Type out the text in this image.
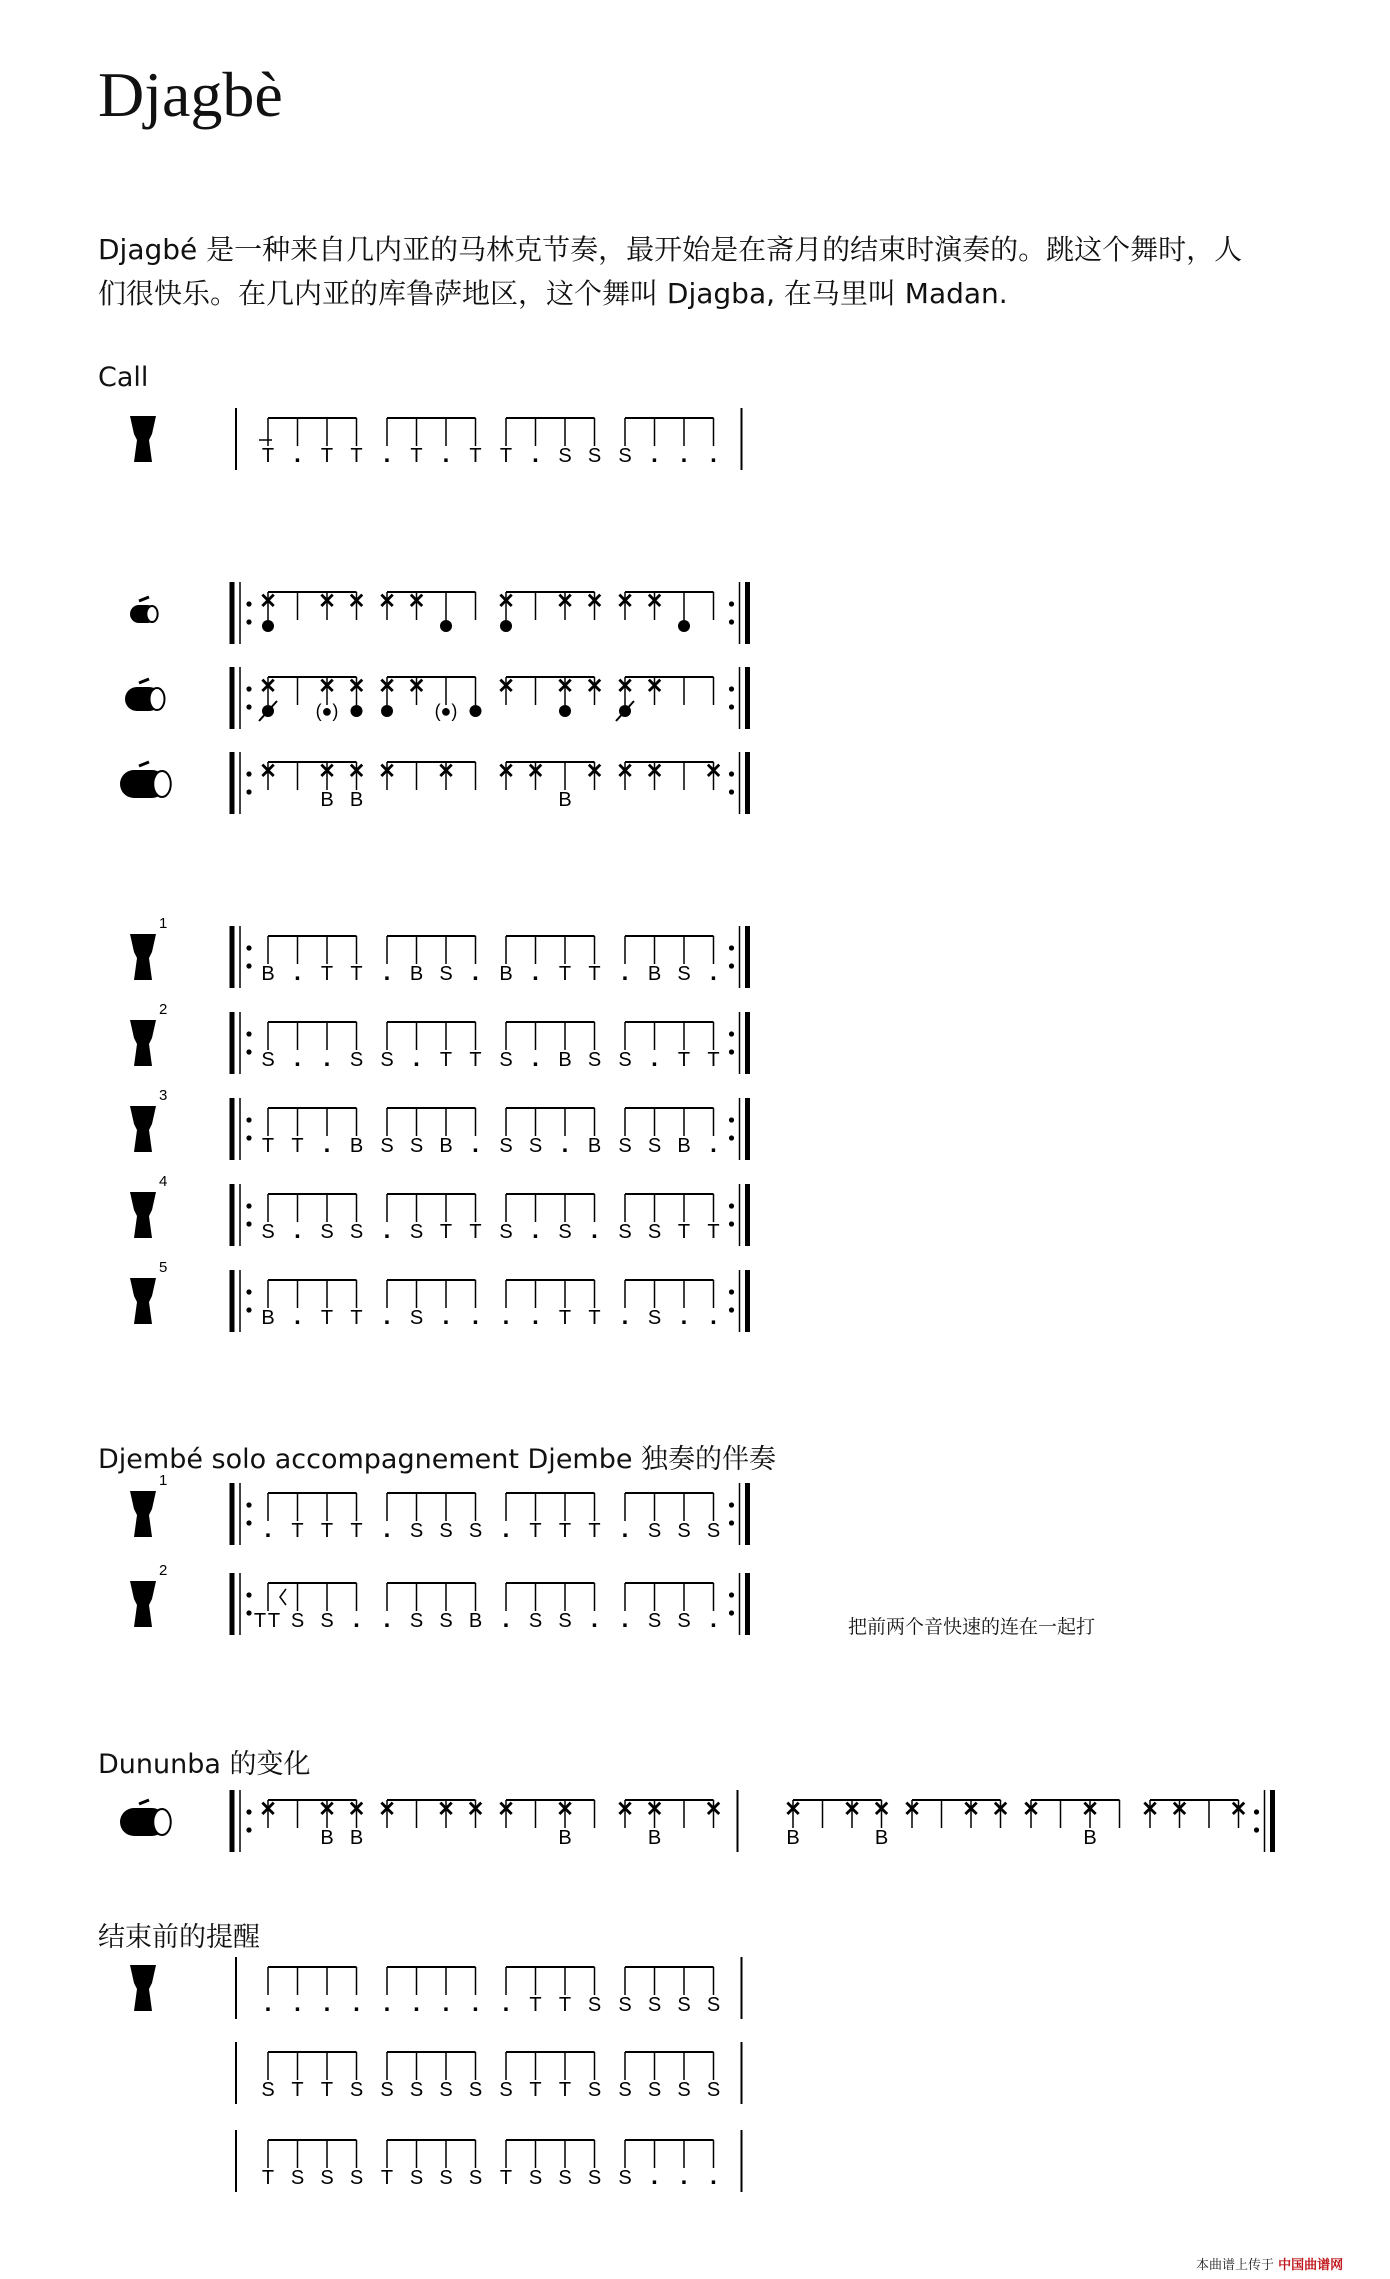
Djagbè
Djagbé 是一种来自几内亚的马林克节奏，最开始是在斋月的结束时演奏的。跳这个舞时，人
们很快乐。在几内亚的库鲁萨地区，这个舞叫 Djagba, 在马里叫 Madan.
Call
Djembé solo accompagnement Djembe 独奏的伴奏
Dununba 的变化
结束前的提醒
把前两个音快速的连在一起打
本曲谱上传于 中国曲谱网
T . T T . T . T T . S S S . . .
✕ ✕ ✕ ✕ ✕	✕ ✕ ✕ ✕ ✕
✕ ✕ ✕ ✕ ✕	✕ ✕ ✕ ✕ ✕
(●)	(●)
✕ ✕ ✕ ✕ ✕ ✕ ✕ ✕ ✕ ✕ ✕
B B	B
1
B . T T . B S . B . T T . B S .
2
S . . S S . T T S . B S S . T T
3
T T . B S S B . S S . B S S B .
4
S . S S . S T T S . S . S S T T
5
B . T T . S . . . . T T . S . .
1
. T T T . S S S . T T T . S S S
2
T T S S . . S S B . S S . . S S .
✕ ✕ ✕ ✕ ✕ ✕ ✕ ✕ ✕ ✕ ✕	✕ ✕ ✕ ✕ ✕ ✕ ✕ ✕ ✕ ✕ ✕
B B	B	B	B	B	B
. . . . . . . . . T T S S S S S
S T T S S S S S S T T S S S S S
T S S S T S S S T S S S S . . .
